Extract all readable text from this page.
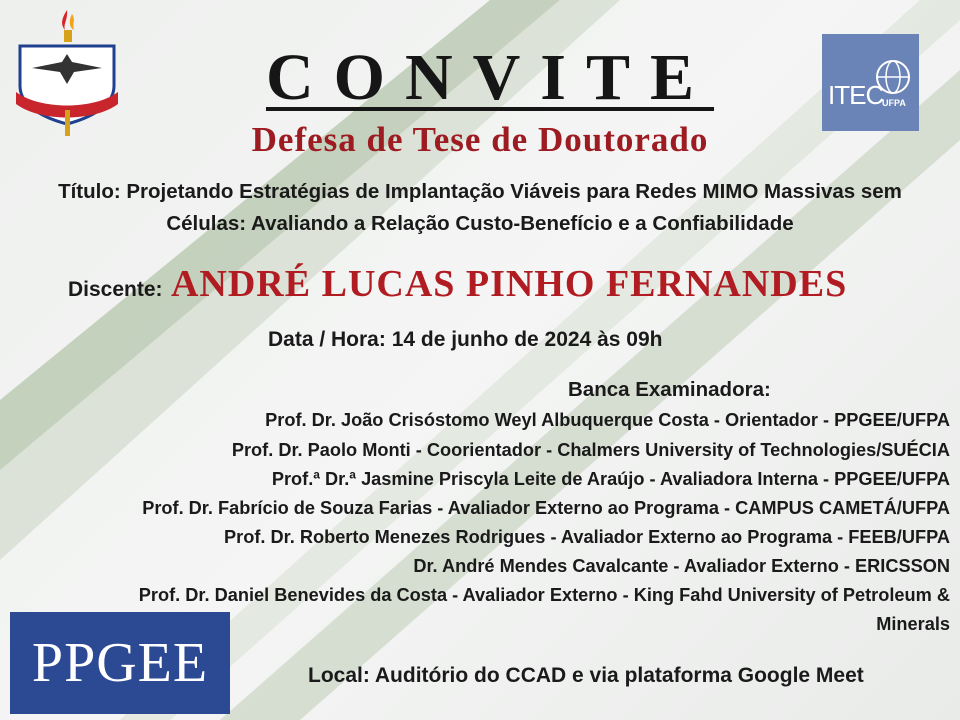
ITEC
UFPA
CONVITE
Defesa de Tese de Doutorado
Título: Projetando Estratégias de Implantação Viáveis para Redes MIMO Massivas sem
Células: Avaliando a Relação Custo-Benefício e a Confiabilidade
Discente: ANDRÉ LUCAS PINHO FERNANDES
Data / Hora: 14 de junho de 2024 às 09h
Banca Examinadora:
Prof. Dr. João Crisóstomo Weyl Albuquerque Costa - Orientador - PPGEE/UFPA
Prof. Dr. Paolo Monti - Coorientador - Chalmers University of Technologies/SUÉCIA
Prof.ª Dr.ª Jasmine Priscyla Leite de Araújo - Avaliadora Interna - PPGEE/UFPA
Prof. Dr. Fabrício de Souza Farias - Avaliador Externo ao Programa - CAMPUS CAMETÁ/UFPA
Prof. Dr. Roberto Menezes Rodrigues - Avaliador Externo ao Programa - FEEB/UFPA
Dr. André Mendes Cavalcante - Avaliador Externo - ERICSSON
Prof. Dr. Daniel Benevides da Costa - Avaliador Externo - King Fahd University of Petroleum &
Minerals
PPGEE	Local: Auditório do CCAD e via plataforma Google Meet
